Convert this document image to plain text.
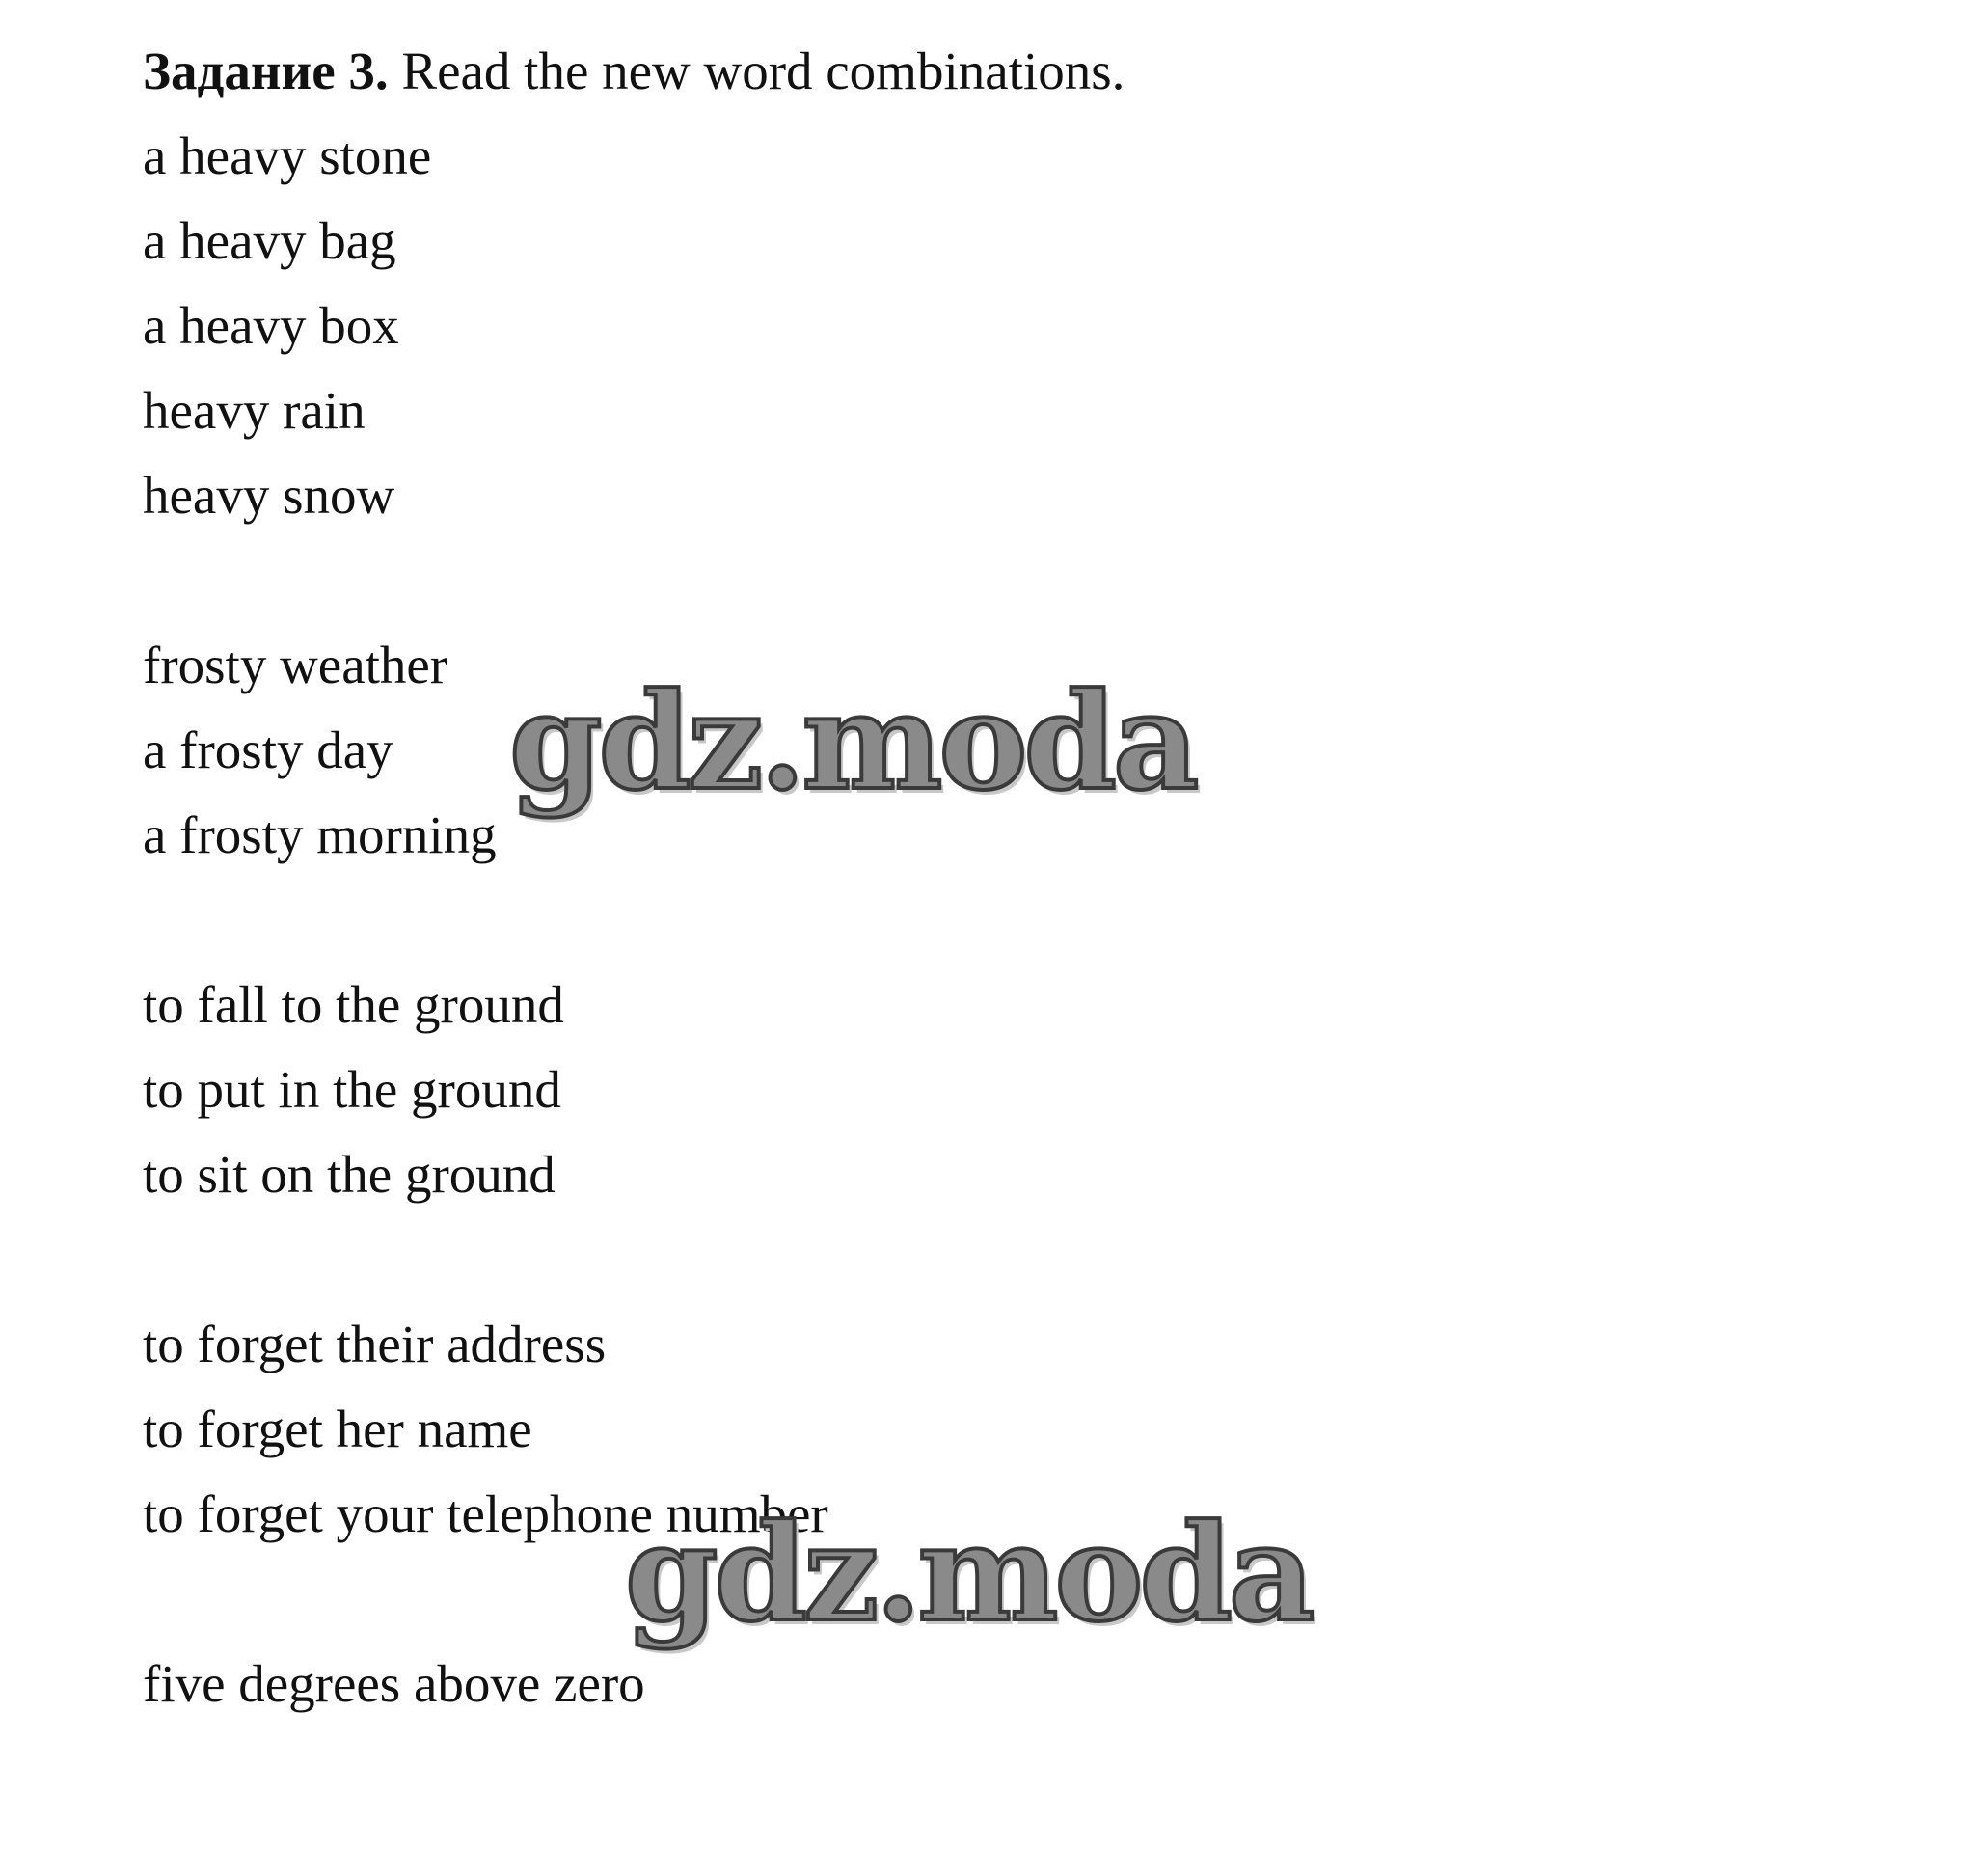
Задание 3. Read the new word combinations.
a heavy stone
a heavy bag
a heavy box
heavy rain
heavy snow
frosty weather
a frosty day
a frosty morning
to fall to the ground
to put in the ground
to sit on the ground
to forget their address
to forget her name
to forget your telephone number
five degrees above zero
gdz.moda
gdz.moda
